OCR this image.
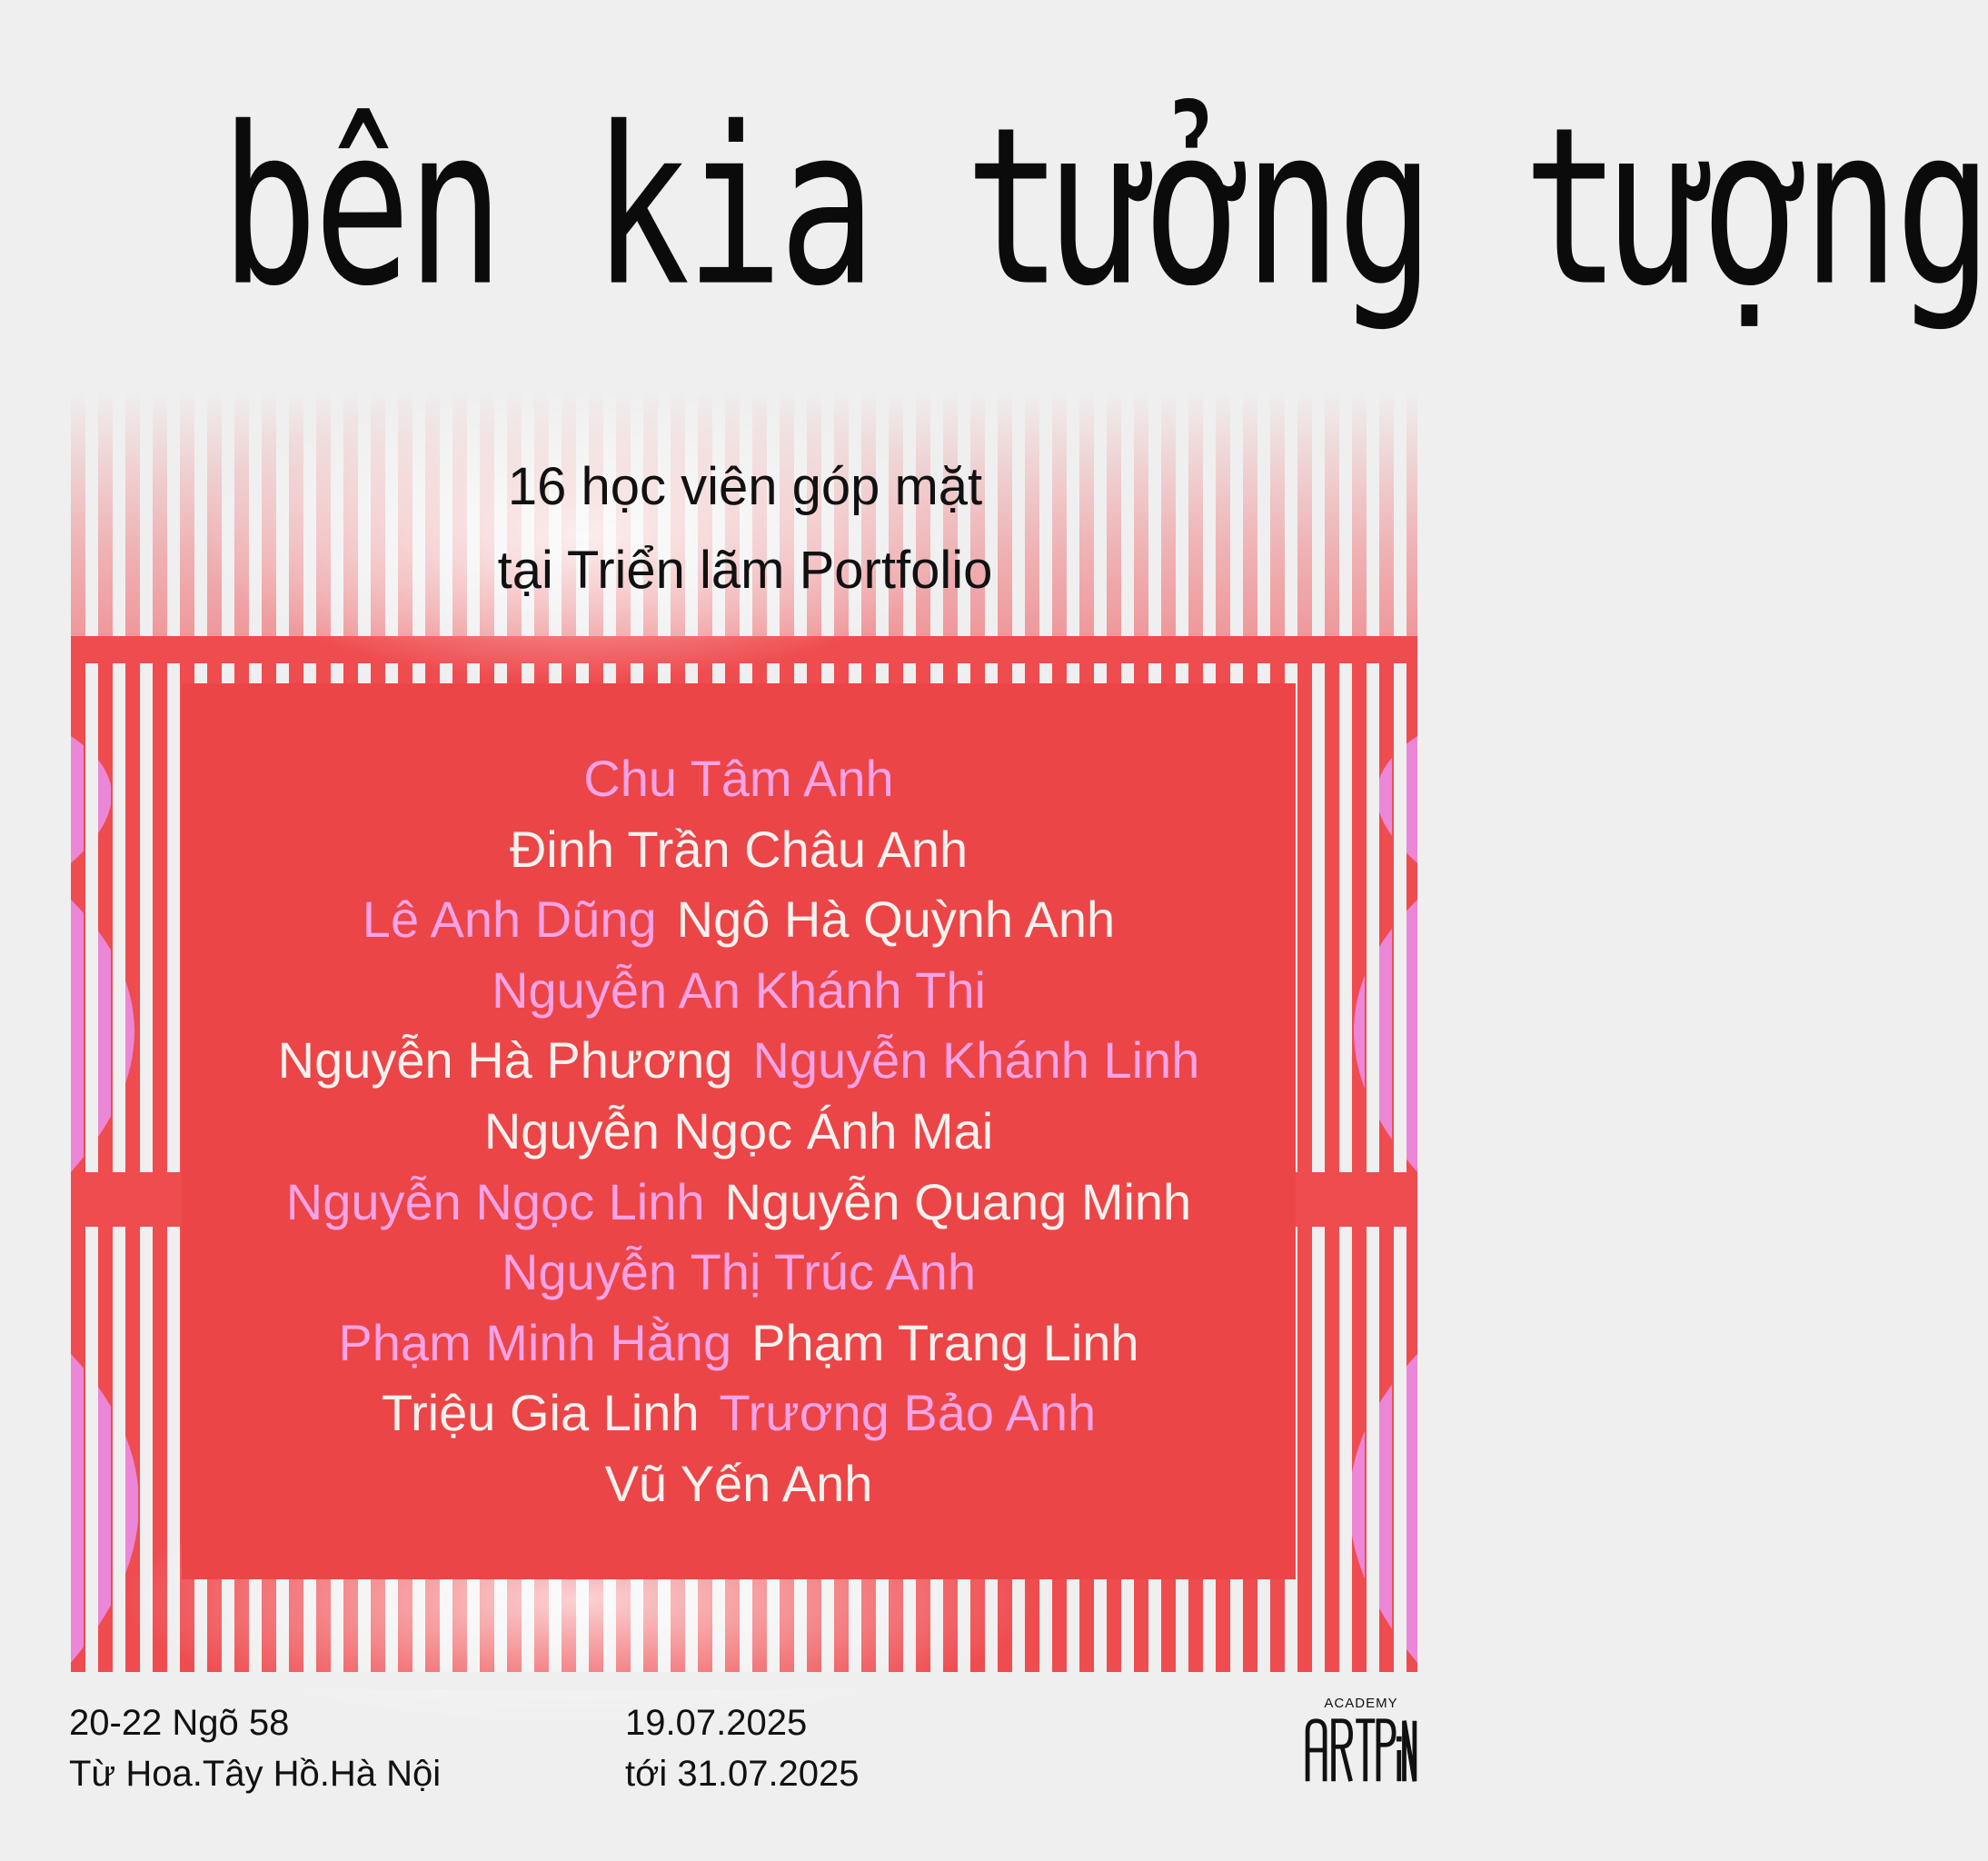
bên kia tưởng tượng
16 học viên góp mặt
tại Triển lãm Portfolio
Chu Tâm Anh
Đinh Trần Châu Anh
Lê Anh Dũng Ngô Hà Quỳnh Anh
Nguyễn An Khánh Thi
Nguyễn Hà Phương Nguyễn Khánh Linh
Nguyễn Ngọc Ánh Mai
Nguyễn Ngọc Linh Nguyễn Quang Minh
Nguyễn Thị Trúc Anh
Phạm Minh Hằng Phạm Trang Linh
Triệu Gia Linh Trương Bảo Anh
Vũ Yến Anh
20-22 Ngõ 58
Từ Hoa.Tây Hồ.Hà Nội
19.07.2025
tới 31.07.2025
ACADEMY
